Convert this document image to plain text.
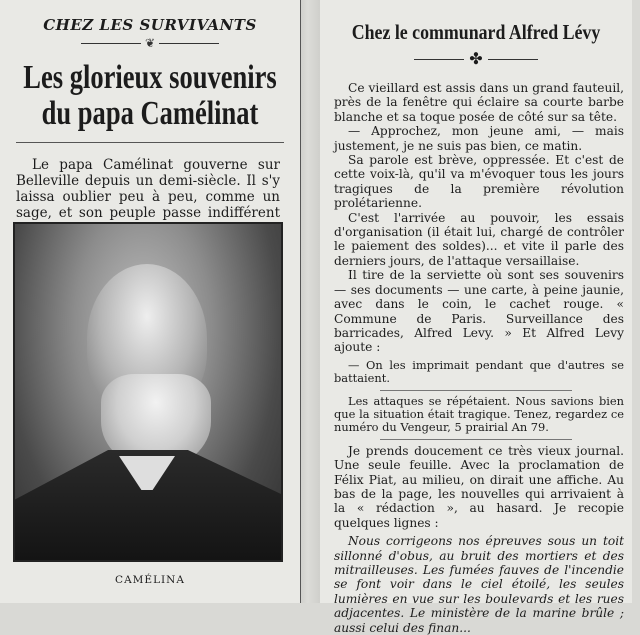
CHEZ LES SURVIVANTS
❦
Les glorieux souvenirs
du papa Camélinat
Le papa Camélinat gouverne sur Belleville depuis un demi-siècle. Il s'y laissa oublier peu à peu, comme un sage, et son peuple passe indifférent
CAMÉLINA
Chez le communard Alfred Lévy
✤

Ce vieillard est assis dans un grand fauteuil, près de la fenêtre qui éclaire sa courte barbe blanche et sa toque posée de côté sur sa tête.

— Approchez, mon jeune ami, — mais justement, je ne suis pas bien, ce matin.

Sa parole est brève, oppressée. Et c'est de cette voix-là, qu'il va m'évoquer tous les jours tragiques de la première révolution prolétarienne.

C'est l'arrivée au pouvoir, les essais d'organisation (il était lui, chargé de contrôler le paiement des soldes)... et vite il parle des derniers jours, de l'attaque versaillaise.

Il tire de la serviette où sont ses souvenirs — ses documents — une carte, à peine jaunie, avec dans le coin, le cachet rouge. « Commune de Paris. Surveillance des barricades, Alfred Levy. » Et Alfred Levy ajoute :

— On les imprimait pendant que d'autres se battaient.

Les attaques se répétaient. Nous savions bien que la situation était tragique. Tenez, regardez ce numéro du Vengeur, 5 prairial An 79.

Je prends doucement ce très vieux journal. Une seule feuille. Avec la proclamation de Félix Piat, au milieu, on dirait une affiche. Au bas de la page, les nouvelles qui arrivaient à la « rédaction », au hasard. Je recopie quelques lignes :

Nous corrigeons nos épreuves sous un toit sillonné d'obus, au bruit des mortiers et des mitrailleuses. Les fumées fauves de l'incendie se font voir dans le ciel étoilé, les seules lumières en vue sur les boulevards et les rues adjacentes. Le ministère de la marine brûle ; aussi celui des finan...
